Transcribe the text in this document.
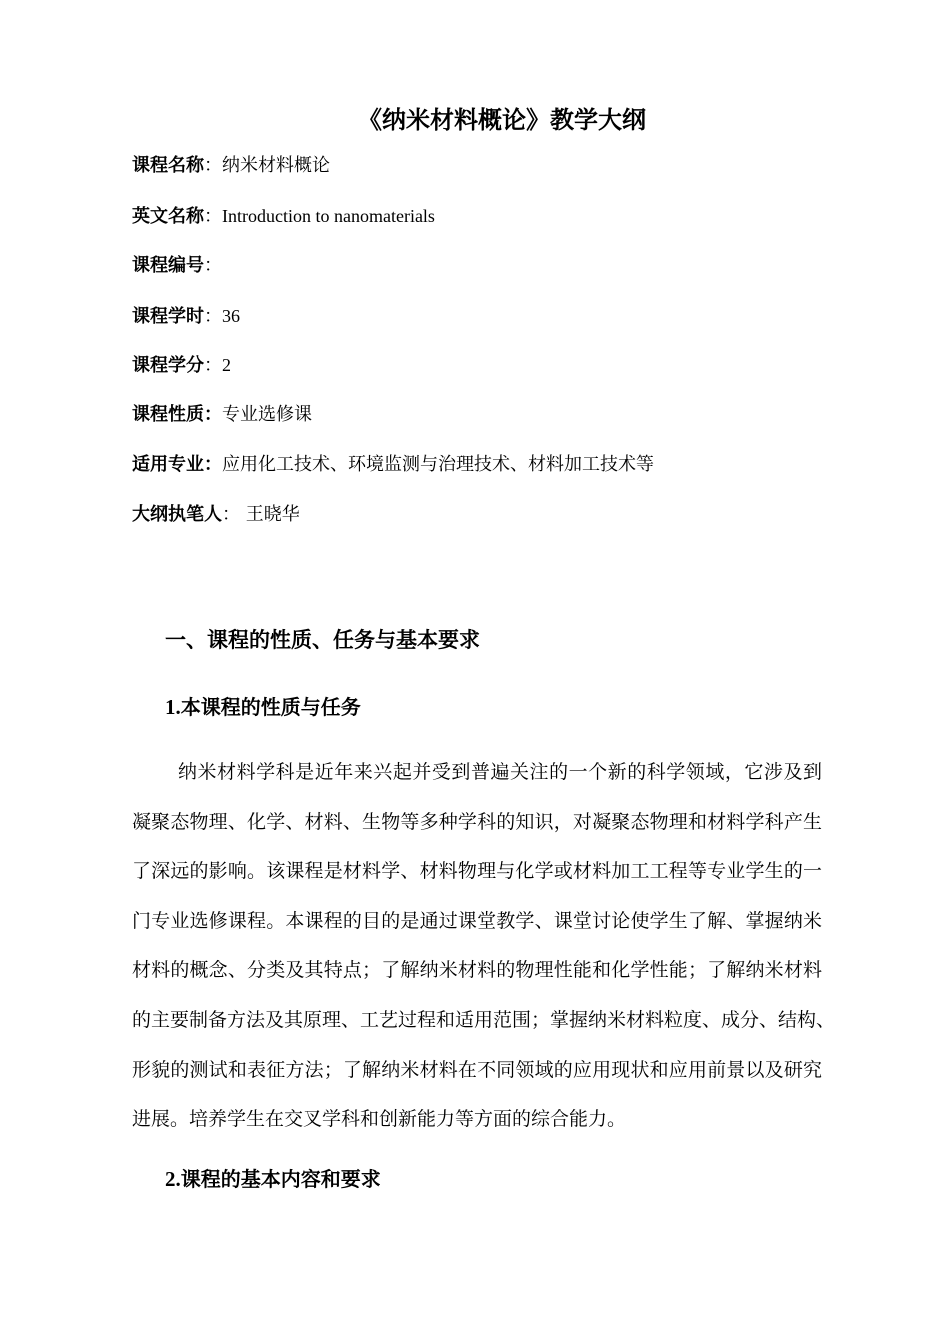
《纳米材料概论》教学大纲
课程名称：纳米材料概论
英文名称：Introduction to nanomaterials
课程编号：
课程学时：36
课程学分：2
课程性质：专业选修课
适用专业：应用化工技术、环境监测与治理技术、材料加工技术等
大纲执笔人： 王晓华
一、课程的性质、任务与基本要求
1.本课程的性质与任务
纳米材料学科是近年来兴起并受到普遍关注的一个新的科学领域，它涉及到
凝聚态物理、化学、材料、生物等多种学科的知识，对凝聚态物理和材料学科产生
了深远的影响。该课程是材料学、材料物理与化学或材料加工工程等专业学生的一
门专业选修课程。本课程的目的是通过课堂教学、课堂讨论使学生了解、掌握纳米
材料的概念、分类及其特点；了解纳米材料的物理性能和化学性能；了解纳米材料
的主要制备方法及其原理、工艺过程和适用范围；掌握纳米材料粒度、成分、结构、
形貌的测试和表征方法；了解纳米材料在不同领域的应用现状和应用前景以及研究
进展。培养学生在交叉学科和创新能力等方面的综合能力。
2.课程的基本内容和要求
